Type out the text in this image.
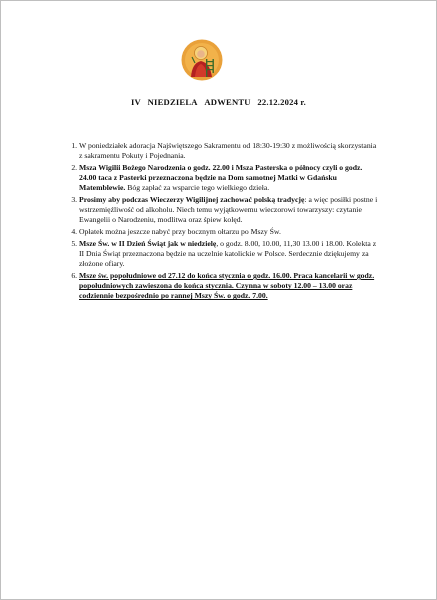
IV NIEDZIELA ADWENTU 22.12.2024 r.
1. W poniedziałek adoracja Najświętszego Sakramentu od 18:30-19:30 z możliwością skorzystania z sakramentu Pokuty i Pojednania.
2. Msza Wigilii Bożego Narodzenia o godz. 22.00 i Msza Pasterska o północy czyli o godz. 24.00 taca z Pasterki przeznaczona będzie na Dom samotnej Matki w Gdańsku Matemblewie. Bóg zapłać za wsparcie tego wielkiego dzieła.
3. Prosimy aby podczas Wieczerzy Wigilijnej zachować polską tradycję: a więc posiłki postne i wstrzemięźliwość od alkoholu. Niech temu wyjątkowemu wieczorowi towarzyszy: czytanie Ewangelii o Narodzeniu, modlitwa oraz śpiew kolęd.
4. Opłatek można jeszcze nabyć przy bocznym ołtarzu po Mszy Św.
5. Msze Św. w II Dzień Świąt jak w niedzielę, o godz. 8.00, 10.00, 11,30 13.00 i 18.00. Kolekta z II Dnia Świąt przeznaczona będzie na uczelnie katolickie w Polsce. Serdecznie dziękujemy za złożone ofiary.
6. Msze św. popołudniowe od 27.12 do końca stycznia o godz. 16.00. Praca kancelarii w godz. popołudniowych zawieszona do końca stycznia. Czynna w soboty 12.00 – 13.00 oraz codziennie bezpośrednio po rannej Mszy Św. o godz. 7.00.
